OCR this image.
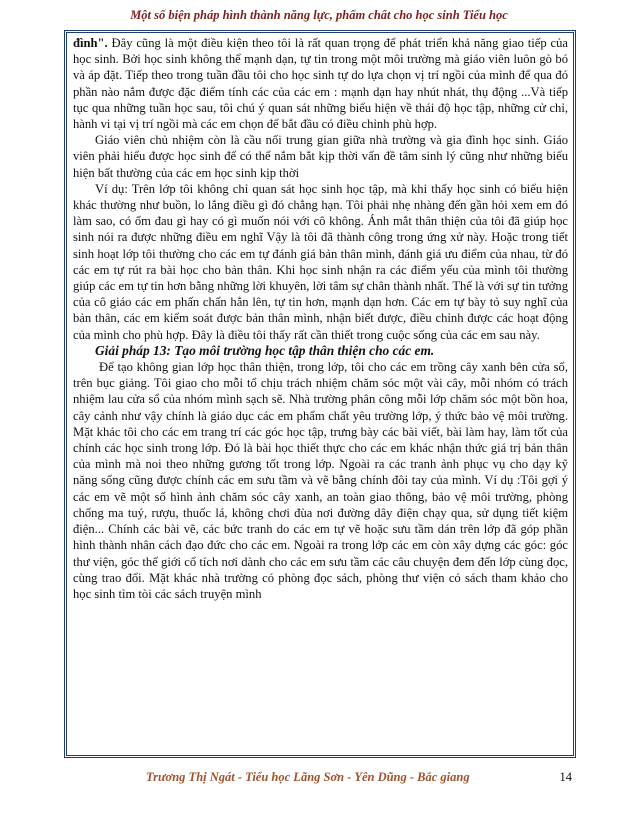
Một số biện pháp hình thành năng lực, phẩm chất cho học sinh Tiểu học

đình". Đây cũng là một điều kiện theo tôi là rất quan trọng để phát triển khả năng giao tiếp của học sinh. Bởi học sinh không thể mạnh dạn, tự tin trong một môi trường mà giáo viên luôn gò bó và áp đặt. Tiếp theo trong tuần đầu tôi cho học sinh tự do lựa chọn vị trí ngồi của mình để qua đó phần nào nắm được đặc điểm tính các của các em : mạnh dạn hay nhút nhát, thụ động ...Và tiếp tục qua những tuần học sau, tôi chú ý quan sát những biểu hiện về thái độ học tập, những cử chỉ, hành vi tại vị trí ngồi mà các em chọn để bắt đầu có điều chỉnh phù hợp.

Giáo viên chủ nhiệm còn là cầu nối trung gian giữa nhà trường và gia đình học sinh. Giáo viên phải hiểu được học sinh để có thể nắm bắt kịp thời vấn đề tâm sinh lý cũng như những biểu hiện bất thường của các em học sinh kịp thời

Ví dụ: Trên lớp tôi không chỉ quan sát học sinh học tập, mà khi thấy học sinh có biểu hiện khác thường như buồn, lo lắng điều gì đó chẳng hạn. Tôi phải nhẹ nhàng đến gần hỏi xem em đó làm sao, có ốm đau gì hay có gì muốn nói với cô không. Ánh mắt thân thiện của tôi đã giúp học sinh nói ra được những điều em nghĩ Vậy là tôi đã thành công trong ứng xử này. Hoặc trong tiết sinh hoạt lớp tôi thường cho các em tự đánh giá bản thân mình, đánh giá ưu điểm của nhau, từ đó các em tự rút ra bài học cho bản thân. Khi học sinh nhận ra các điểm yếu của mình tôi thường giúp các em tự tin hơn bằng những lời khuyên, lời tâm sự chân thành nhất. Thế là với sự tin tưởng của cô giáo các em phấn chấn hẳn lên, tự tin hơn, mạnh dạn hơn. Các em tự bày tỏ suy nghĩ của bản thân, các em kiểm soát được bản thân mình, nhận biết được, điều chỉnh được các hoạt động của mình cho phù hợp. Đây là điều tôi thấy rất cần thiết trong cuộc sống của các em sau này.

Giải pháp 13: Tạo môi trường học tập thân thiện cho các em.

Để tạo không gian lớp học thân thiện, trong lớp, tôi cho các em trồng cây xanh bên cửa sổ, trên bục giảng. Tôi giao cho mỗi tổ chịu trách nhiệm chăm sóc một vài cây, mỗi nhóm có trách nhiệm lau cửa sổ của nhóm mình sạch sẽ. Nhà trường phân công mỗi lớp chăm sóc một bồn hoa, cây cảnh như vậy chính là giáo dục các em phẩm chất yêu trường lớp, ý thức bảo vệ môi trường. Mặt khác tôi cho các em trang trí các góc học tập, trưng bày các bài viết, bài làm hay, làm tốt của chính các học sinh trong lớp. Đó là bài học thiết thực cho các em khác nhận thức giá trị bản thân của mình mà noi theo những gương tốt trong lớp. Ngoài ra các tranh ảnh phục vụ cho dạy kỹ năng sống cũng được chính các em sưu tầm và vẽ bằng chính đôi tay của mình. Ví dụ :Tôi gợi ý các em vẽ một số hình ảnh chăm sóc cây xanh, an toàn giao thông, bảo vệ môi trường, phòng chống ma tuý, rượu, thuốc lá, không chơi đùa nơi đường dây điện chạy qua, sử dụng tiết kiệm điện... Chính các bài vẽ, các bức tranh do các em tự vẽ hoặc sưu tầm dán trên lớp đã góp phần hình thành nhân cách đạo đức cho các em. Ngoài ra trong lớp các em còn xây dựng các góc: góc thư viện, góc thế giới cổ tích nơi dành cho các em sưu tầm các câu chuyện đem đến lớp cùng đọc, cùng trao đổi. Mặt khác nhà trường có phòng đọc sách, phòng thư viện có sách tham khảo cho học sinh tìm tòi các sách truyện mình

Trương Thị Ngát - Tiểu học Lãng Sơn - Yên Dũng - Bắc giang	14
